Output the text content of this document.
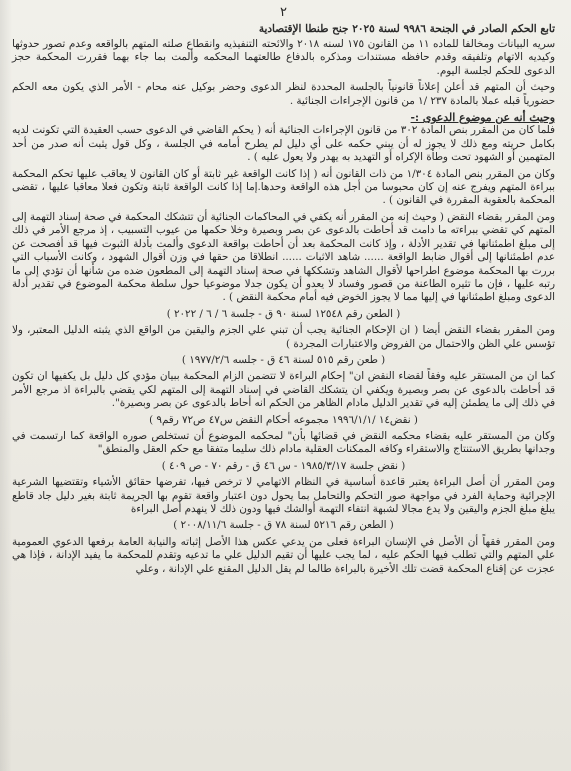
٢
تابع الحكم الصادر في الجنحة ٩٩٨٦ لسنة ٢٠٢٥ جنح طنطا الإقتصادية

سريه البيانات ومخالفا للماده ١١ من القانون ١٧٥ لسنه ٢٠١٨ والائحته التنفيذيه وانقطاع صلته المتهم بالواقعه وعدم تصور حدوثها وكيديه الاتهام وتلفيقه وقدم حافظه مستندات ومذكره بالدفاع طالعتهما المحكمه وألمت بما جاء بهما فقررت المحكمة حجز الدعوى للحكم لجلسة اليوم.

وحيث أن المتهم قد أعلن إعلاناً قانونياً بالجلسة المحددة لنظر الدعوى وحضر بوكيل عنه محام - الأمر الذي يكون معه الحكم حضورياً قبله عملا بالمادة ٢٣٧ /١ من قانون الإجراءات الجنائية .

وحيث أنه عن موضوع الدعوى :-

فلما كان من المقرر بنص المادة ٣٠٢ من قانون الإجراءات الجنائية أنه ( يحكم القاضي في الدعوى حسب العقيدة التي تكونت لديه بكامل حريته ومع ذلك لا يجوز له أن يبني حكمه على أي دليل لم يطرح أمامه في الجلسة ، وكل قول يثبت أنه صدر من أحد المتهمين أو الشهود تحت وطأة الإكراه أو التهديد به يهدر ولا يعول عليه ) .

وكان من المقرر بنص المادة ١/٣٠٤ من ذات القانون أنه ( إذا كانت الواقعة غير ثابتة أو كان القانون لا يعاقب عليها تحكم المحكمة ببراءة المتهم ويفرج عنه إن كان محبوسا من أجل هذه الواقعة وحدها.إما إذا كانت الواقعة ثابتة وتكون فعلا معاقبا عليها ، تقضى المحكمة بالعقوبة المقررة في القانون ) .

ومن المقرر بقضاء النقض ( وحيث إنه من المقرر أنه يكفي في المحاكمات الجنائية أن تتشكك المحكمة في صحة إسناد التهمة إلى المتهم كي تقضي ببراءته ما دامت قد أحاطت بالدعوى عن بصر وبصيرة وخلا حكمها من عيوب التسبيب ، إذ مرجع الأمر في ذلك إلى مبلغ اطمئنانها في تقدير الأدلة ، وإذ كانت المحكمة بعد أن أحاطت بواقعة الدعوى وألمت بأدلة الثبوت فيها قد أفصحت عن عدم اطمئنانها إلى أقوال ضابط الواقعة ...... شاهد الاثبات ...... انطلاقا من حقها في وزن أقوال الشهود ، وكانت الأسباب التي بررت بها المحكمة موضوع اطراحها لأقوال الشاهد وتشككها في صحة إسناد التهمة إلى المطعون ضده من شأنها أن تؤدي إلى ما رتبه عليها ، فإن ما تثيره الطاعنة من قصور وفساد لا يعدو أن يكون جدلا موضوعيا حول سلطة محكمة الموضوع في تقدير أدلة الدعوى ومبلغ اطمئنانها في إليها مما لا يجوز الخوض فيه أمام محكمة النقض ) .

( الطعن رقم ١٢٥٤٨ لسنة ٩٠ ق - جلسة ٦ / ٦ / ٢٠٢٢ )

ومن المقرر بقضاء النقض أيضا ( ان الإحكام الجنائية يجب أن تبني علي الجزم واليقين من الواقع الذي يثبته الدليل المعتبر، ولا تؤسس علي الظن والاحتمال من الفروض والاعتبارات المجردة )

( طعن رقم ٥١٥ لسنة ٤٦ ق - جلسه ١٩٧٧/٢/٦ )

كما ان من المستقر عليه وفقاً لقضاء النقض ان" إحكام البراءة لا تتضمن الزام المحكمة ببيان مؤدي كل دليل بل يكفيها ان تكون قد أحاطت بالدعوى عن بصر وبصيرة ويكفي ان يتشكك القاضي في إسناد التهمة إلى المتهم لكي يقضي بالبراءة اذ مرجع الأمر في ذلك إلى ما يطمئن إليه في تقدير الدليل مادام الظاهر من الحكم انه أحاط بالدعوى عن بصر وبصيرة".

( نقض١٤ /١٩٩٦/١/١ مجموعه أحكام النقض س٤٧ ص٧٢ رقم٩ )

وكان من المستقر عليه بقضاء محكمه النقض في قضائها بأن" لمحكمه الموضوع أن تستخلص صوره الواقعة كما ارتسمت في وجدانها بطريق الاستنتاج والاستقراء وكافه الممكنات العقلية مادام ذلك سليما متفقا مع حكم العقل والمنطق"

( نقض جلسة ١٩٨٥/٣/١٧ - س ٤٦ ق - رقم ٧٠ - ص ٤٠٩ )

ومن المقرر أن أصل البراءة يعتبر قاعدة أساسية في النظام الاتهامي لا ترخص فيها، تفرضها حقائق الأشياء وتقتضيها الشرعية الإجرائية وحماية الفرد في مواجهة صور التحكم والتحامل بما يحول دون اعتبار واقعة تقوم بها الجريمة ثابتة بغير دليل جاد قاطع يبلغ مبلغ الجزم واليقين ولا يدع مجالا لشبهة انتفاء التهمة أوالشك فيها ودون ذلك لا ينهدم أصل البراءة

( الطعن رقم ٥٢١٦ لسنة ٧٨ ق - جلسة ٢٠٠٨/١١/٦ )

ومن المقرر فقهاً أن الأصل في الإنسان البراءة فعلى من يدعي عكس هذا الأصل إثباته والنيابة العامة برفعها الدعوي العمومية علي المتهم والتي تطلب فيها الحكم عليه ، لما يجب عليها أن تقيم الدليل علي ما تدعيه وتقدم للمحكمة ما يفيد الإدانة ، فإذا هي عجزت عن إقناع المحكمة قضت تلك الأخيرة بالبراءة طالما لم يقل الدليل المقنع علي الإدانة ، وعلي
